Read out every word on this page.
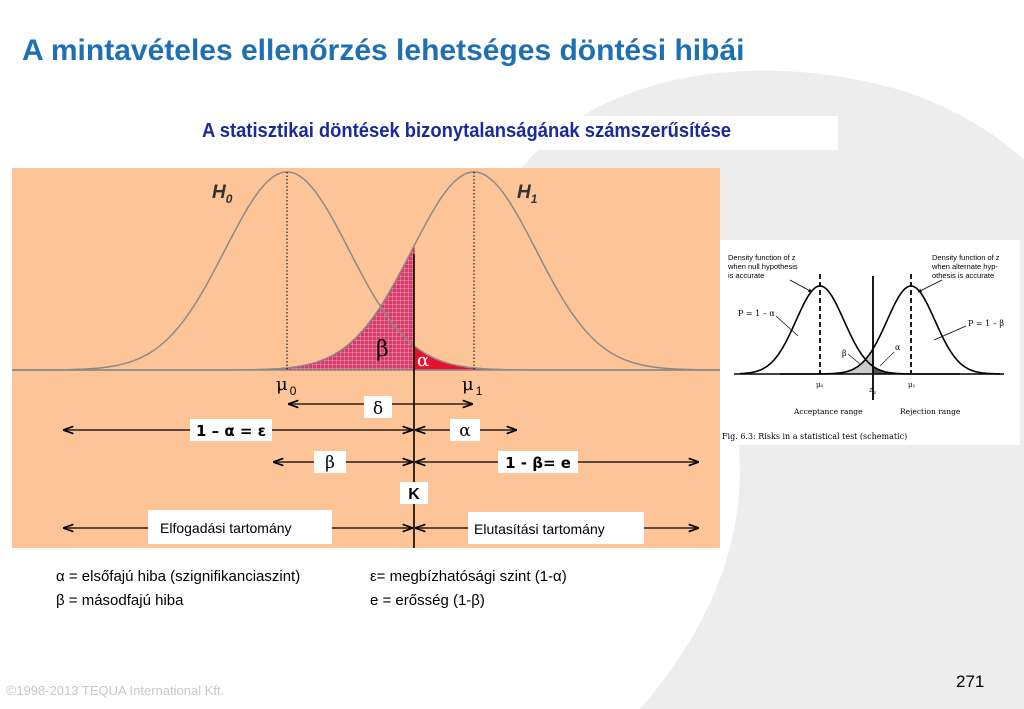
A mintavételes ellenőrzés lehetséges döntési hibái
A statisztikai döntések bizonytalanságának számszerűsítése
$H_0$	$H_1$
β α
μ $_0$	μ $_1$
δ
1 – α = ε	α
β	1 - β= e
K
Elfogadási tartomány	Elutasítási tartomány
Density function of z when null hypothesis is accurate
Density function of z when alternate hyp- othesis is accurate
P = 1 – α
P = 1 – β
β
α
μ₀
$z_\alpha$
μ₁
Acceptance range	Rejection range
Fig. 6.3: Risks in a statistical test (schematic)
α = elsőfajú hiba (szignifikanciaszint)
β = másodfajú hiba
ε= megbízhatósági szint (1-α)
e = erősség (1-β)
271
©1998-2013 TEQUA International Kft.
